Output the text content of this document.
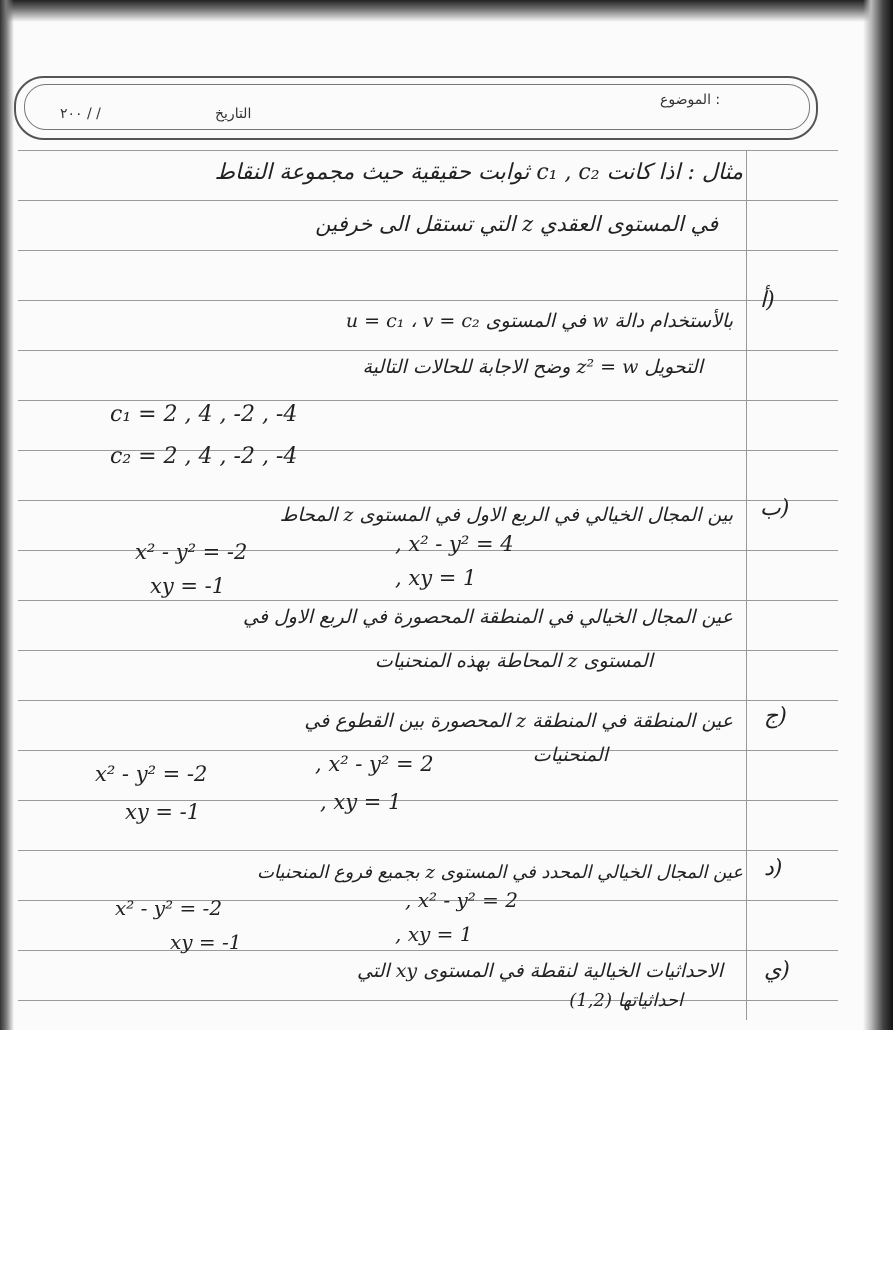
الموضوع :
التاريخ
٢٠٠ / /
مثال : اذا كانت c₁ , c₂ ثوابت حقيقية حيث مجموعة النقاط
في المستوى العقدي z التي تستقل الى خرفين
أ)
u = c₁ ، v = c₂ في المستوى w بالأستخدام دالة
التحويل z² = w وضح الاجابة للحالات التالية
c₁ = 2 , 4 , -2 , -4
c₂ = 2 , 4 , -2 , -4
ب)
بين المجال الخيالي في الربع الاول في المستوى z المحاط
x² - y² = -2	, x² - y² = 4
xy = -1	, xy = 1
عين المجال الخيالي في المنطقة المحصورة في الربع الاول في
المستوى z المحاطة بهذه المنحنيات
ج)
عين المنطقة في المنطقة z المحصورة بين القطوع في
المنحنيات
x² - y² = -2	, x² - y² = 2
xy = -1	, xy = 1
د)
عين المجال الخيالي المحدد في المستوى z بجميع فروع المنحنيات
x² - y² = -2	, x² - y² = 2
xy = -1	, xy = 1
ي)
الاحداثيات الخيالية لنقطة في المستوى xy التي
احداثياتها (1,2)
